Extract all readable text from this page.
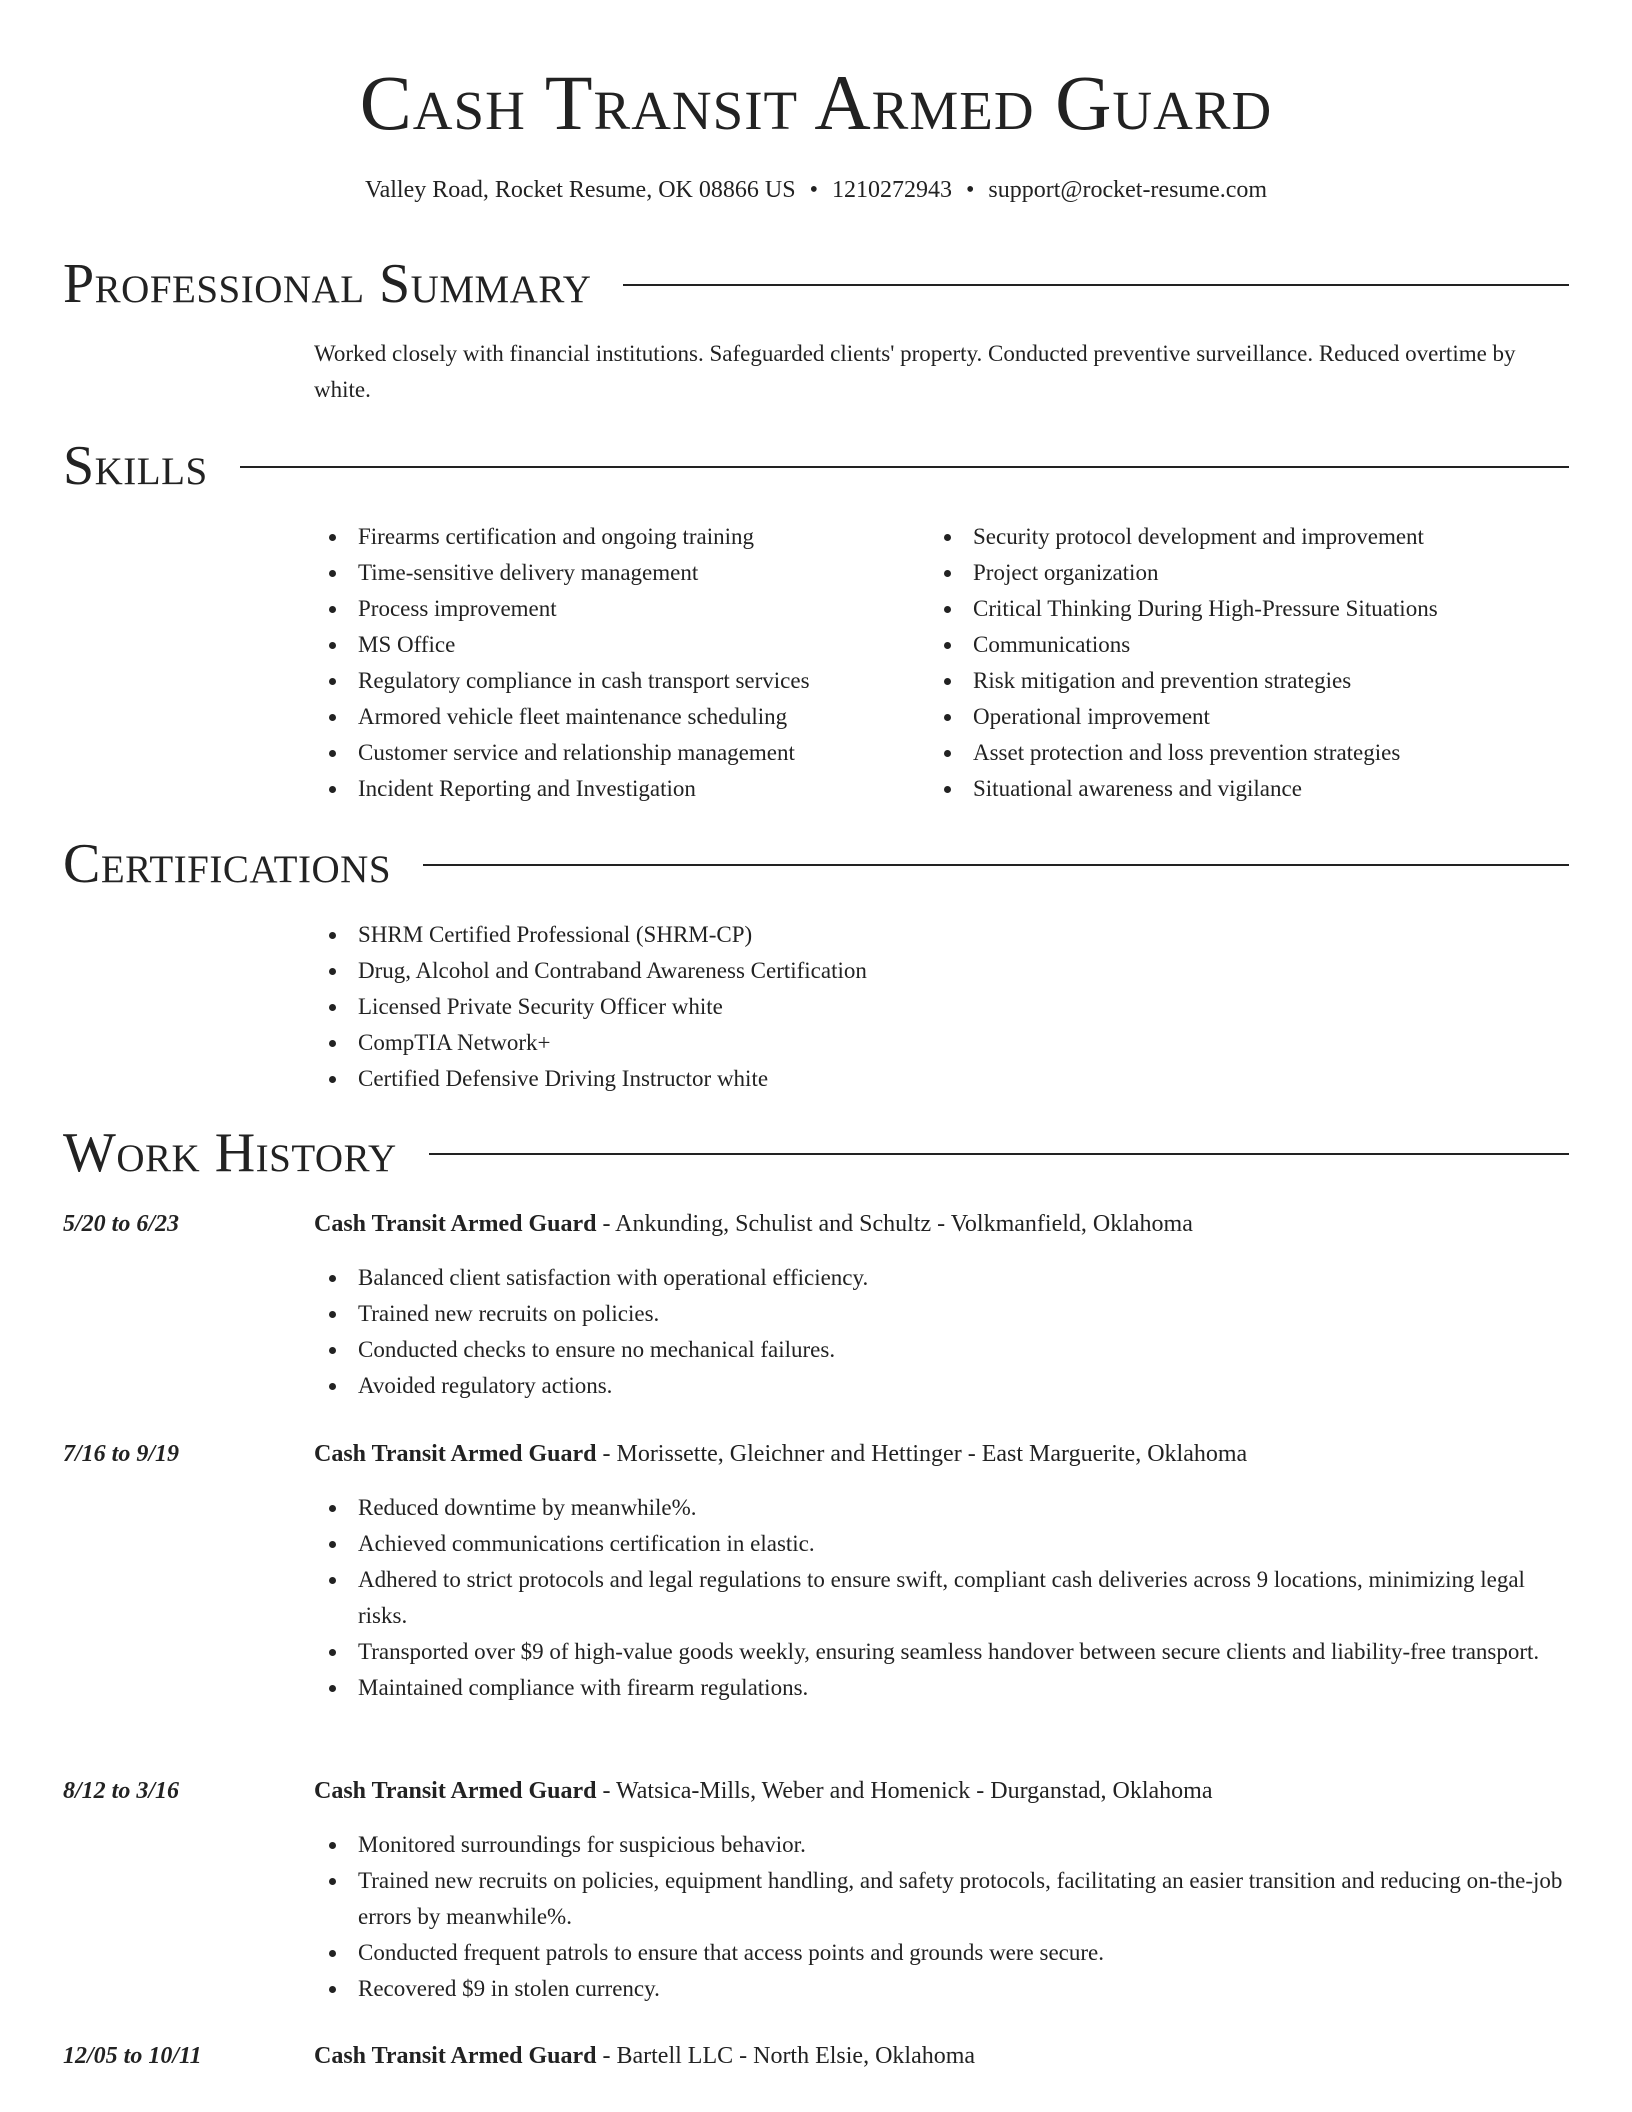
Cash Transit Armed Guard
Valley Road, Rocket Resume, OK 08866 US • 1210272943 • support@rocket-resume.com
Professional Summary

Worked closely with financial institutions. Safeguarded clients' property. Conducted preventive surveillance. Reduced overtime by white.

Skills
Firearms certification and ongoing training
Time-sensitive delivery management
Process improvement
MS Office
Regulatory compliance in cash transport services
Armored vehicle fleet maintenance scheduling
Customer service and relationship management
Incident Reporting and Investigation
Security protocol development and improvement
Project organization
Critical Thinking During High-Pressure Situations
Communications
Risk mitigation and prevention strategies
Operational improvement
Asset protection and loss prevention strategies
Situational awareness and vigilance
Certifications
SHRM Certified Professional (SHRM-CP)
Drug, Alcohol and Contraband Awareness Certification
Licensed Private Security Officer white
CompTIA Network+
Certified Defensive Driving Instructor white
Work History
5/20 to 6/23	Cash Transit Armed Guard - Ankunding, Schulist and Schultz - Volkmanfield, Oklahoma
Balanced client satisfaction with operational efficiency.
Trained new recruits on policies.
Conducted checks to ensure no mechanical failures.
Avoided regulatory actions.
7/16 to 9/19	Cash Transit Armed Guard - Morissette, Gleichner and Hettinger - East Marguerite, Oklahoma
Reduced downtime by meanwhile%.
Achieved communications certification in elastic.
Adhered to strict protocols and legal regulations to ensure swift, compliant cash deliveries across 9 locations, minimizing legal risks.
Transported over $9 of high-value goods weekly, ensuring seamless handover between secure clients and liability-free transport.
Maintained compliance with firearm regulations.
8/12 to 3/16	Cash Transit Armed Guard - Watsica-Mills, Weber and Homenick - Durganstad, Oklahoma
Monitored surroundings for suspicious behavior.
Trained new recruits on policies, equipment handling, and safety protocols, facilitating an easier transition and reducing on-the-job errors by meanwhile%.
Conducted frequent patrols to ensure that access points and grounds were secure.
Recovered $9 in stolen currency.
12/05 to 10/11	Cash Transit Armed Guard - Bartell LLC - North Elsie, Oklahoma
